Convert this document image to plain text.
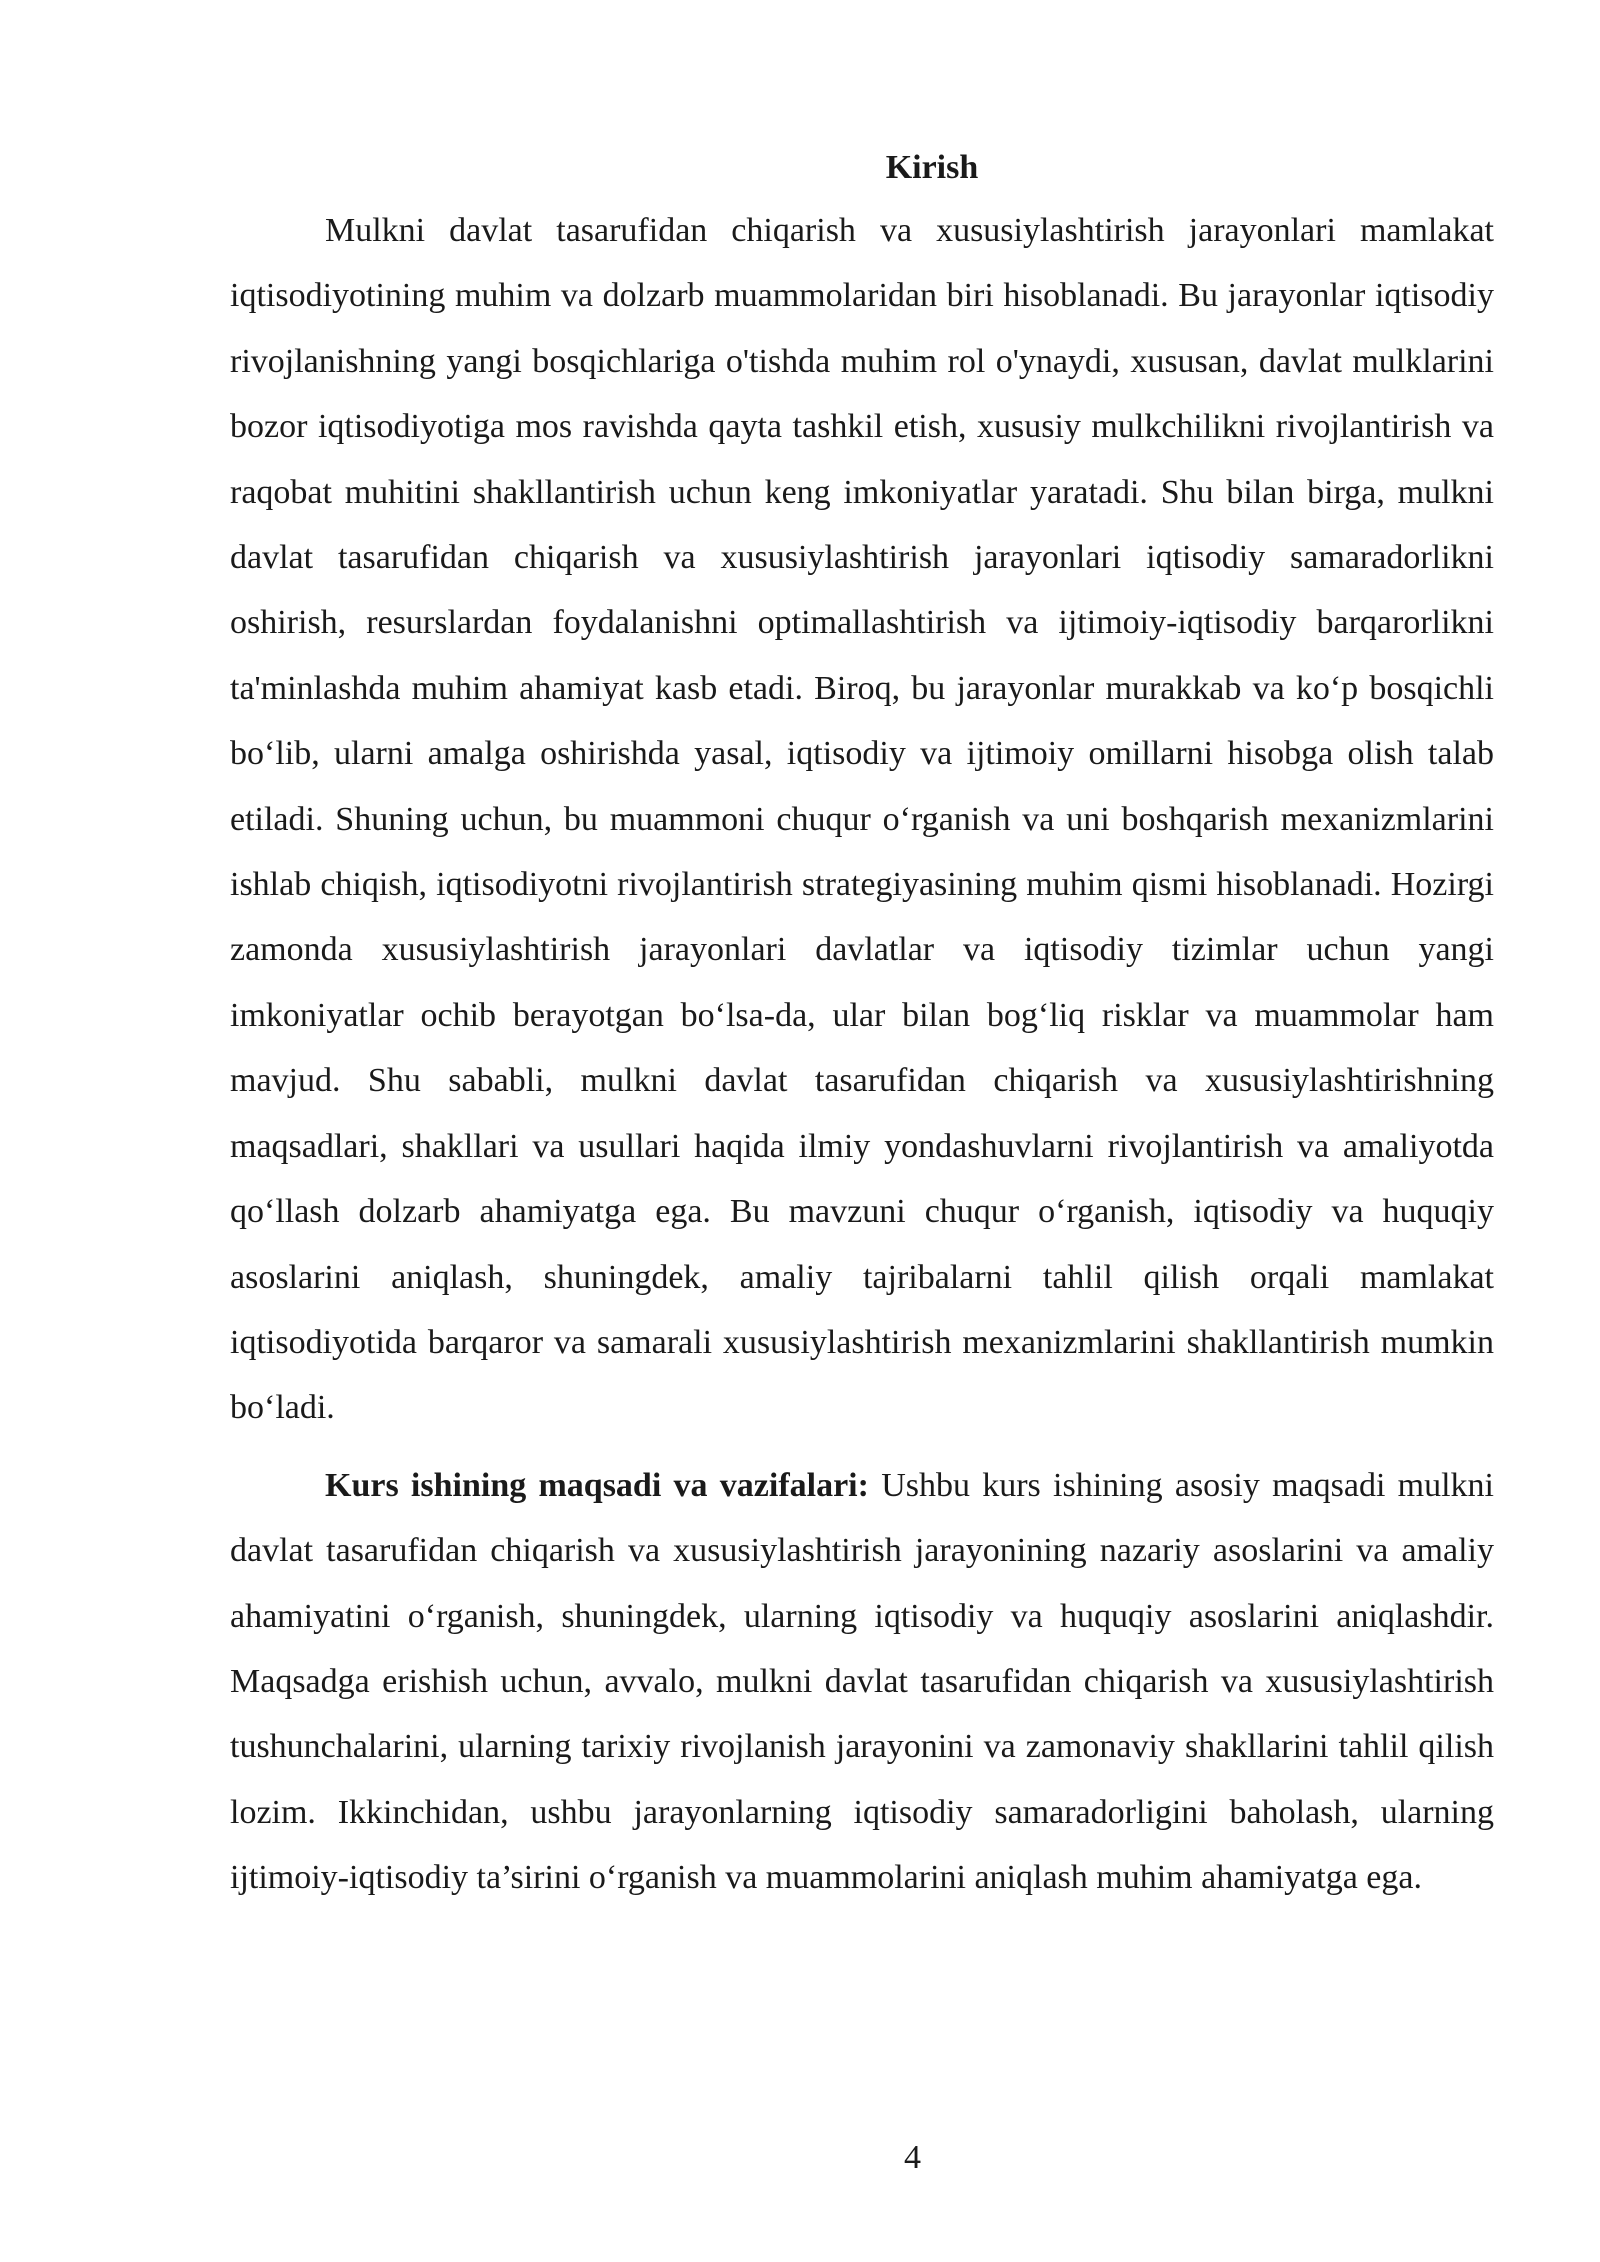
Kirish

Mulkni davlat tasarufidan chiqarish va xususiylashtirish jarayonlari mamlakat iqtisodiyotining muhim va dolzarb muammolaridan biri hisoblanadi. Bu jarayonlar iqtisodiy rivojlanishning yangi bosqichlariga o'tishda muhim rol o'ynaydi, xususan, davlat mulklarini bozor iqtisodiyotiga mos ravishda qayta tashkil etish, xususiy mulkchilikni rivojlantirish va raqobat muhitini shakllantirish uchun keng imkoniyatlar yaratadi. Shu bilan birga, mulkni davlat tasarufidan chiqarish va xususiylashtirish jarayonlari iqtisodiy samaradorlikni oshirish, resurslardan foydalanishni optimallashtirish va ijtimoiy-iqtisodiy barqarorlikni ta'minlashda muhim ahamiyat kasb etadi. Biroq, bu jarayonlar murakkab va ko‘p bosqichli bo‘lib, ularni amalga oshirishda yasal, iqtisodiy va ijtimoiy omillarni hisobga olish talab etiladi. Shuning uchun, bu muammoni chuqur o‘rganish va uni boshqarish mexanizmlarini ishlab chiqish, iqtisodiyotni rivojlantirish strategiyasining muhim qismi hisoblanadi. Hozirgi zamonda xususiylashtirish jarayonlari davlatlar va iqtisodiy tizimlar uchun yangi imkoniyatlar ochib berayotgan bo‘lsa-da, ular bilan bog‘liq risklar va muammolar ham mavjud. Shu sababli, mulkni davlat tasarufidan chiqarish va xususiylashtirishning maqsadlari, shakllari va usullari haqida ilmiy yondashuvlarni rivojlantirish va amaliyotda qo‘llash dolzarb ahamiyatga ega. Bu mavzuni chuqur o‘rganish, iqtisodiy va huquqiy asoslarini aniqlash, shuningdek, amaliy tajribalarni tahlil qilish orqali mamlakat iqtisodiyotida barqaror va samarali xususiylashtirish mexanizmlarini shakllantirish mumkin bo‘ladi.

Kurs ishining maqsadi va vazifalari: Ushbu kurs ishining asosiy maqsadi mulkni davlat tasarufidan chiqarish va xususiylashtirish jarayonining nazariy asoslarini va amaliy ahamiyatini o‘rganish, shuningdek, ularning iqtisodiy va huquqiy asoslarini aniqlashdir. Maqsadga erishish uchun, avvalo, mulkni davlat tasarufidan chiqarish va xususiylashtirish tushunchalarini, ularning tarixiy rivojlanish jarayonini va zamonaviy shakllarini tahlil qilish lozim. Ikkinchidan, ushbu jarayonlarning iqtisodiy samaradorligini baholash, ularning ijtimoiy-iqtisodiy ta’sirini o‘rganish va muammolarini aniqlash muhim ahamiyatga ega.

4
